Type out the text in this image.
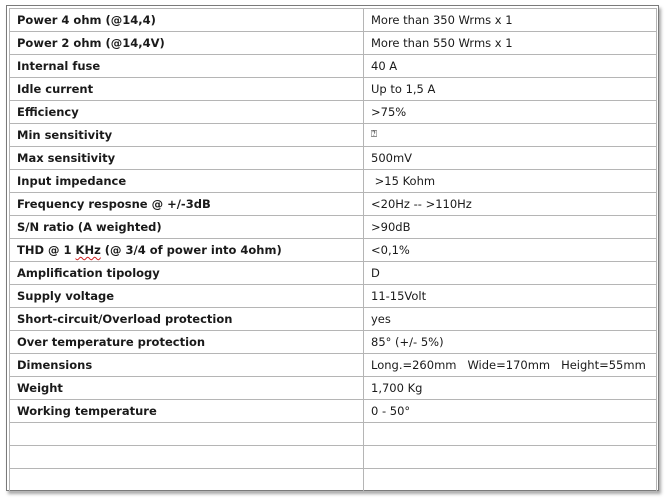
Power 4 ohm (@14,4)	More than 350 Wrms x 1
Power 2 ohm (@14,4V)	More than 550 Wrms x 1
Internal fuse	40 A
Idle current	Up to 1,5 A
Efficiency	>75%
Min sensitivity	⍰
Max sensitivity	500mV
Input impedance	>15 Kohm
Frequency resposne @ +/-3dB	<20Hz -- >110Hz
S/N ratio (A weighted)	>90dB
THD @ 1 KHz (@ 3/4 of power into 4ohm)	<0,1%
Amplification tipology	D
Supply voltage	11-15Volt
Short-circuit/Overload protection	yes
Over temperature protection	85° (+/- 5%)
Dimensions	Long.=260mm   Wide=170mm   Height=55mm
Weight	1,700 Kg
Working temperature	0 - 50°
